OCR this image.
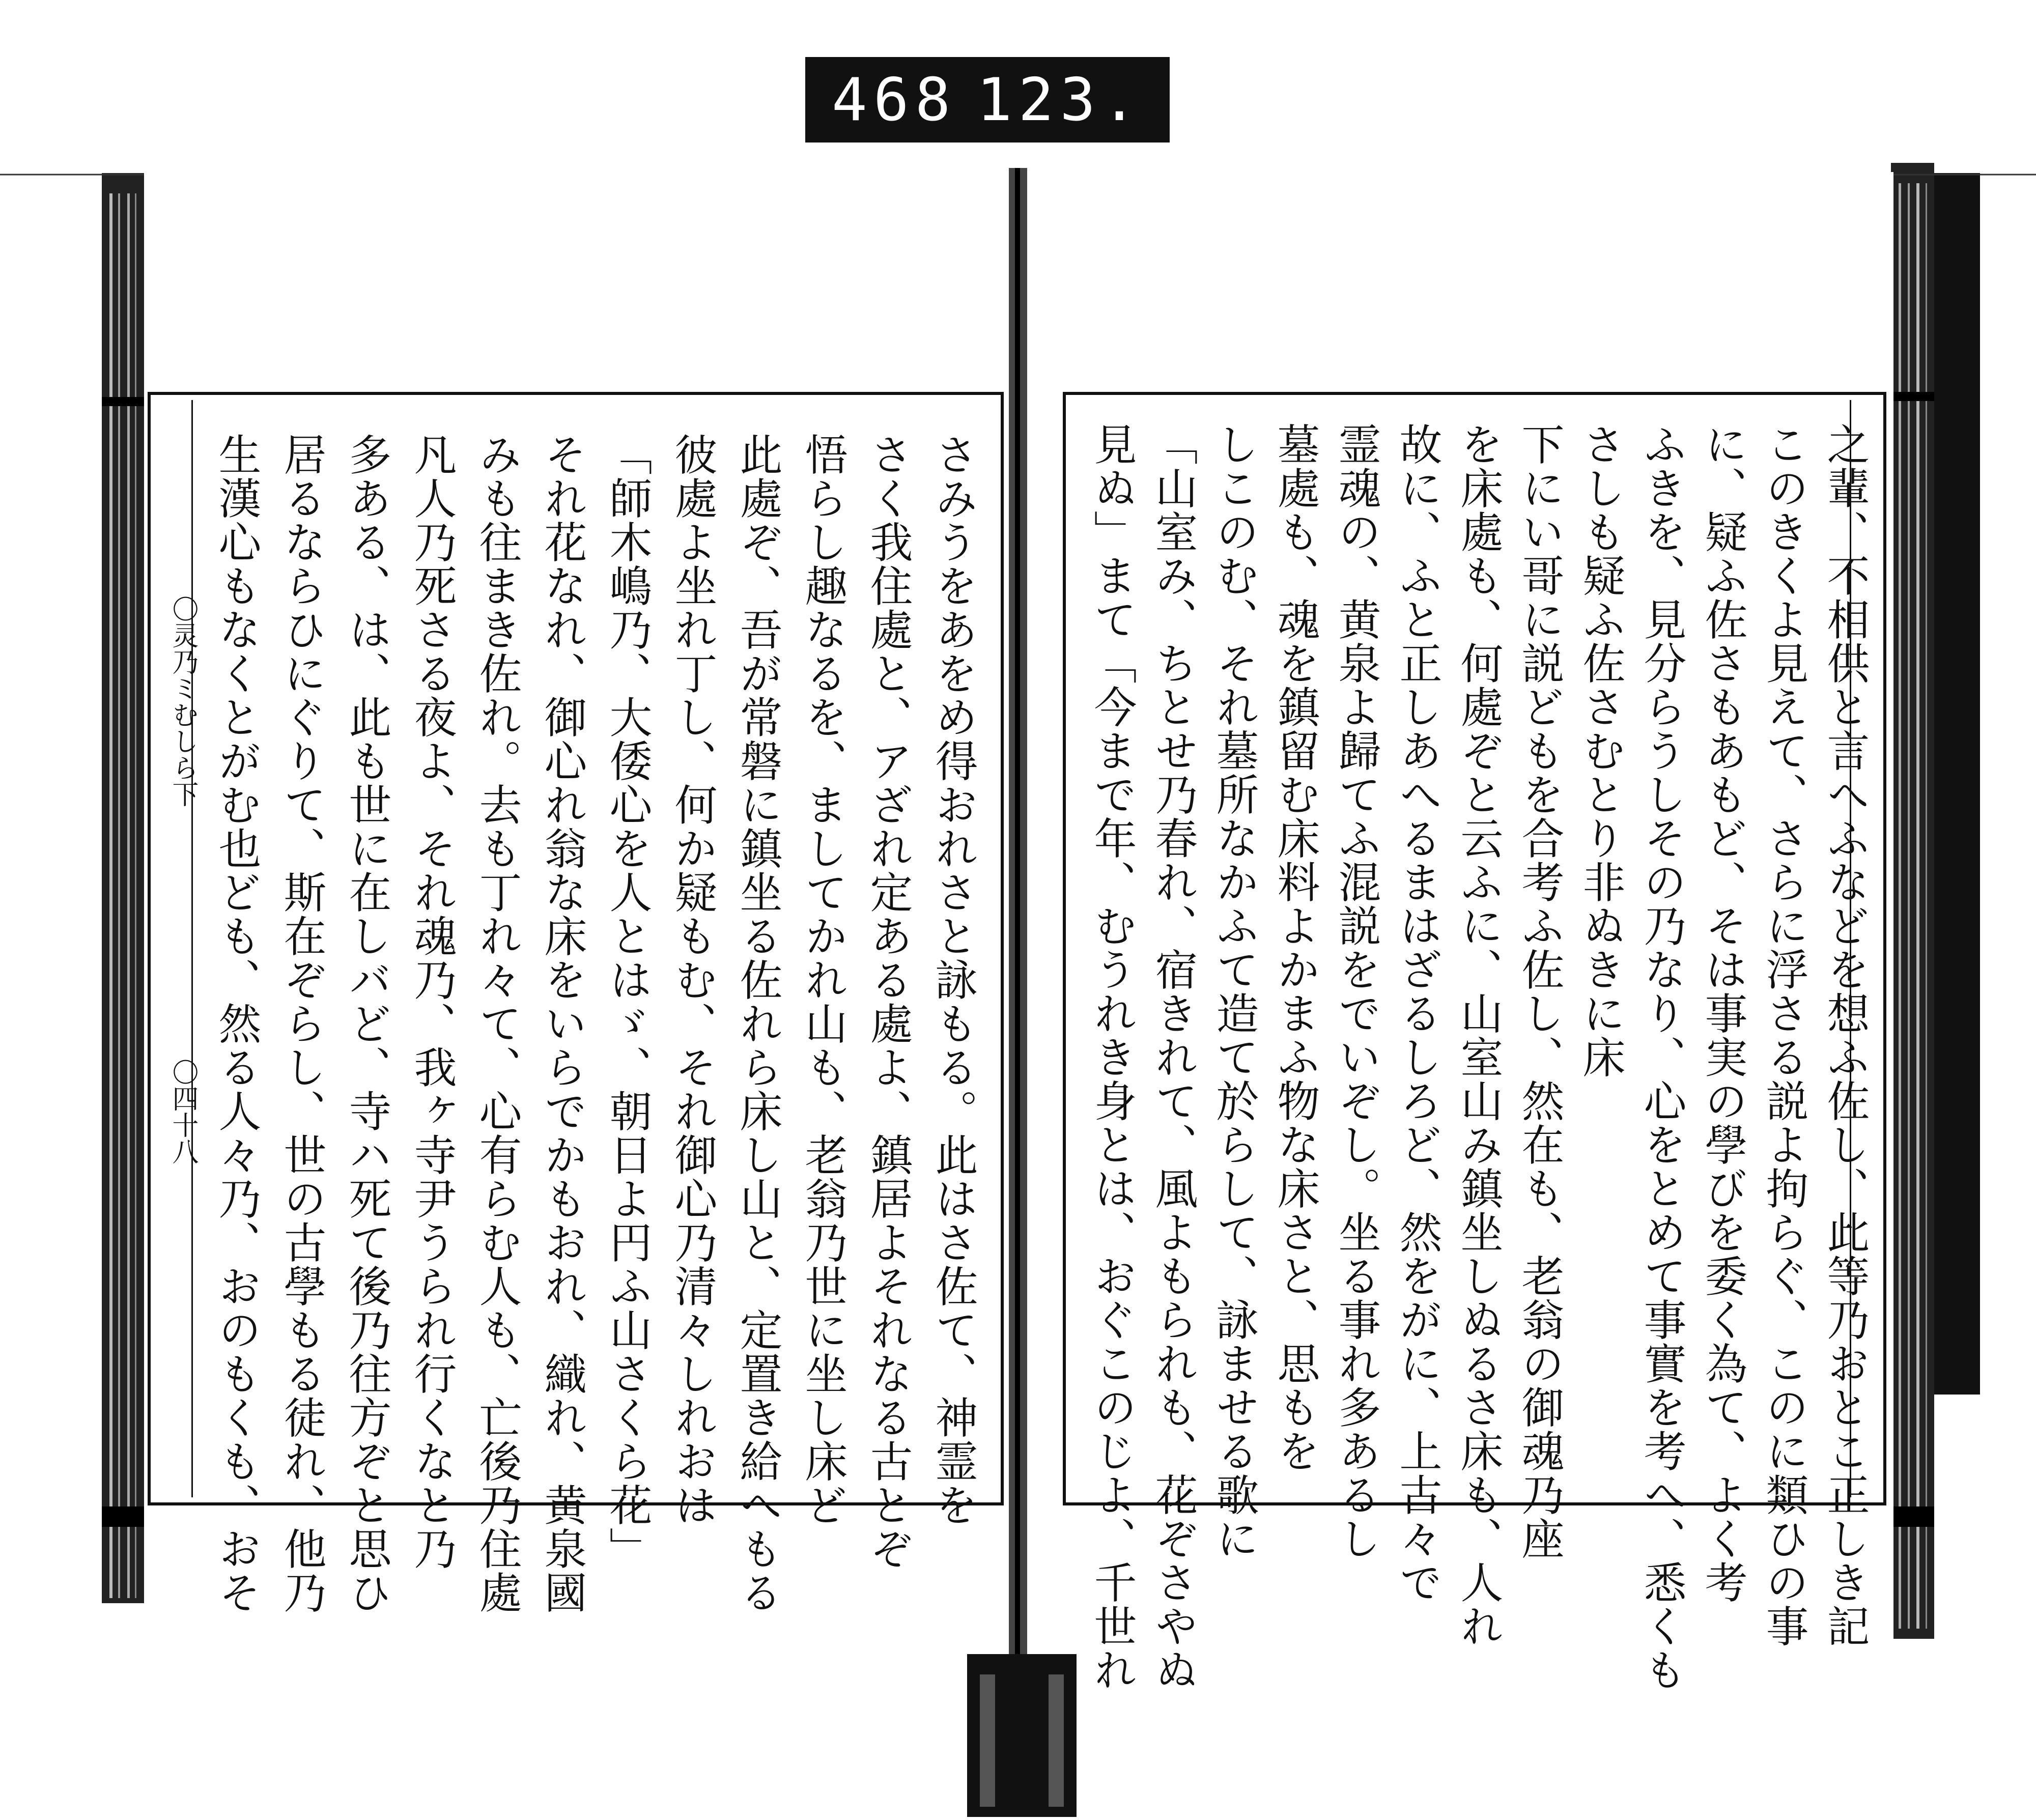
468 123.
〇灵乃ミむしら下
〇四十八 生漢心もなくとがむ也ども、然る人々乃、おのもくも、おそ 居るならひにぐりて、斯在ぞらし、世の古學もる徒れ、他乃 多ある、は、此も世に在しバど、寺ハ死て後乃往方ぞと思ひ 凡人乃死さる夜よ、それ魂乃、我ヶ寺尹うられ行くなと乃 みも往まき佐れ。去も丁れ々て、心有らむ人も、亡後乃住處 それ花なれ、御心れ翁な床をいらでかもおれ、織れ、黄泉國 「師木嶋乃、大倭心を人とはゞ、朝日よ円ふ山さくら花」 彼處よ坐れ丁し、何か疑もむ、それ御心乃清々しれおは 此處ぞ、吾が常磐に鎮坐る佐れら床し山と、定置き給へもる 悟らし趣なるを、ましてかれ山も、老翁乃世に坐し床ど さく我住處と、アざれ定ある處よ、鎮居よそれなる古とぞ さみうをあをめ得おれさと詠もる。此はさ佐て、神霊を	見ぬ」まて「今まで年、むうれき身とは、おぐこのじよ、千世れ 「山室み、ちとせ乃春れ、宿きれて、風よもられも、花ぞさやぬ しこのむ、それ墓所なかふて造て於らして、詠ませる歌に 墓處も、魂を鎮留む床料よかまふ物な床さと、思もを 霊魂の、黄泉よ歸てふ混説をでいぞし。坐る事れ多あるし 故に、ふと正しあへるまはざるしろど、然をがに、上古々で を床處も、何處ぞと云ふに、山室山み鎮坐しぬるさ床も、人れ 下にい哥に説どもを合考ふ佐し、然在も、老翁の御魂乃座 さしも疑ふ佐さむとり非ぬきに床 ふきを、見分らうしその乃なり、心をとめて事實を考へ、悉くも に、疑ふ佐さもあもど、そは事実の學びを委く為て、よく考 このきくよ見えて、さらに浮さる説よ拘らぐ、このに類ひの事 之輩、不相供と言へふなどを想ふ佐し、此等乃おとこ正しき記
